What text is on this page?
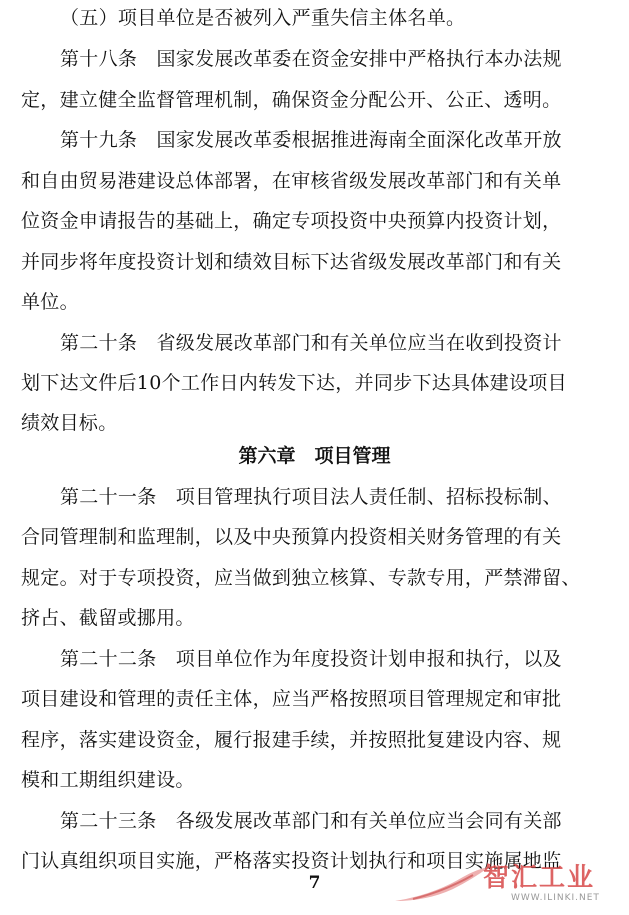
（五）项目单位是否被列入严重失信主体名单。
第十八条　国家发展改革委在资金安排中严格执行本办法规
定，建立健全监督管理机制，确保资金分配公开、公正、透明。
第十九条　国家发展改革委根据推进海南全面深化改革开放
和自由贸易港建设总体部署，在审核省级发展改革部门和有关单
位资金申请报告的基础上，确定专项投资中央预算内投资计划，
并同步将年度投资计划和绩效目标下达省级发展改革部门和有关
单位。
第二十条　省级发展改革部门和有关单位应当在收到投资计
划下达文件后10个工作日内转发下达，并同步下达具体建设项目
绩效目标。
第六章　项目管理
第二十一条　项目管理执行项目法人责任制、招标投标制、
合同管理制和监理制，以及中央预算内投资相关财务管理的有关
规定。对于专项投资，应当做到独立核算、专款专用，严禁滞留、
挤占、截留或挪用。
第二十二条　项目单位作为年度投资计划申报和执行，以及
项目建设和管理的责任主体，应当严格按照项目管理规定和审批
程序，落实建设资金，履行报建手续，并按照批复建设内容、规
模和工期组织建设。
第二十三条　各级发展改革部门和有关单位应当会同有关部
门认真组织项目实施，严格落实投资计划执行和项目实施属地监
7	智汇工业
WWW.ILINKI.NET
